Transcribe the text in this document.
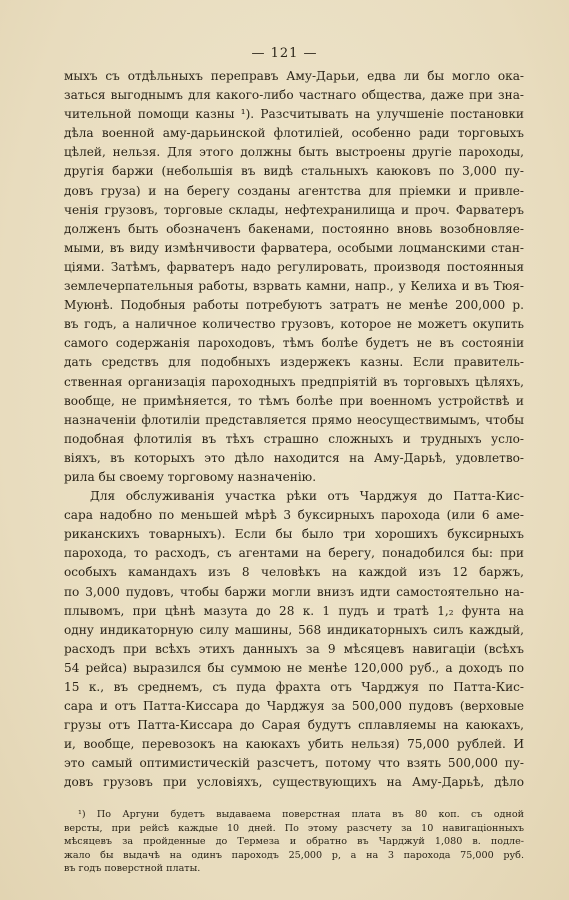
— 121 —
мыхъ съ отдѣльныхъ переправъ Аму-Дарьи, едва ли бы могло ока-
заться выгоднымъ для какого-либо частнаго общества, даже при зна-
чительной помощи казны ¹). Разсчитывать на улучшеніе постановки
дѣла военной аму-дарьинской флотиліей, особенно ради торговыхъ
цѣлей, нельзя. Для этого должны быть выстроены другіе пароходы,
другія баржи (небольшія въ видѣ стальныхъ каюковъ по 3,000 пу-
довъ груза) и на берегу созданы агентства для пріемки и привле-
ченія грузовъ, торговые склады, нефтехранилища и проч. Фарватеръ
долженъ быть обозначенъ бакенами, постоянно вновь возобновляе-
мыми, въ виду измѣнчивости фарватера, особыми лоцманскими стан-
ціями. Затѣмъ, фарватеръ надо регулировать, производя постоянныя
землечерпательныя работы, взрвать камни, напр., у Келиха и въ Тюя-
Муюнѣ. Подобныя работы потребуютъ затратъ не менѣе 200,000 р.
въ годъ, а наличное количество грузовъ, которое не можетъ окупить
самого содержанія пароходовъ, тѣмъ болѣе будетъ не въ состояніи
дать средствъ для подобныхъ издержекъ казны. Если правитель-
ственная организація пароходныхъ предпріятій въ торговыхъ цѣляхъ,
вообще, не примѣняется, то тѣмъ болѣе при военномъ устройствѣ и
назначеніи флотиліи представляется прямо неосуществимымъ, чтобы
подобная флотилія въ тѣхъ страшно сложныхъ и трудныхъ усло-
віяхъ, въ которыхъ это дѣло находится на Аму-Дарьѣ, удовлетво-
рила бы своему торговому назначенію.
Для обслуживанія участка рѣки отъ Чарджуя до Патта-Кис-
сара надобно по меньшей мѣрѣ 3 буксирныхъ парохода (или 6 аме-
риканскихъ товарныхъ). Если бы было три хорошихъ буксирныхъ
парохода, то расходъ, съ агентами на берегу, понадобился бы: при
особыхъ камандахъ изъ 8 человѣкъ на каждой изъ 12 баржъ,
по 3,000 пудовъ, чтобы баржи могли внизъ идти самостоятельно на-
плывомъ, при цѣнѣ мазута до 28 к. 1 пудъ и тратѣ 1,₂ фунта на
одну индикаторную силу машины, 568 индикаторныхъ силъ каждый,
расходъ при всѣхъ этихъ данныхъ за 9 мѣсяцевъ навигаціи (всѣхъ
54 рейса) выразился бы суммою не менѣе 120,000 руб., а доходъ по
15 к., въ среднемъ, съ пуда фрахта отъ Чарджуя по Патта-Кис-
сара и отъ Патта-Киссара до Чарджуя за 500,000 пудовъ (верховые
грузы отъ Патта-Киссара до Сарая будутъ сплавляемы на каюкахъ,
и, вообще, перевозокъ на каюкахъ убить нельзя) 75,000 рублей. И
это самый оптимистическій разсчетъ, потому что взять 500,000 пу-
довъ грузовъ при условіяхъ, существующихъ на Аму-Дарьѣ, дѣло
¹) По Аргуни будетъ выдаваема поверстная плата въ 80 коп. съ одной
версты, при рейсѣ каждые 10 дней. По этому разсчету за 10 навигаціонныхъ
мѣсяцевъ за пройденные до Термеза и обратно въ Чарджуй 1,080 в. подле-
жало бы выдачѣ на одинъ пароходъ 25,000 р, а на 3 парохода 75,000 руб.
въ годъ поверстной платы.
